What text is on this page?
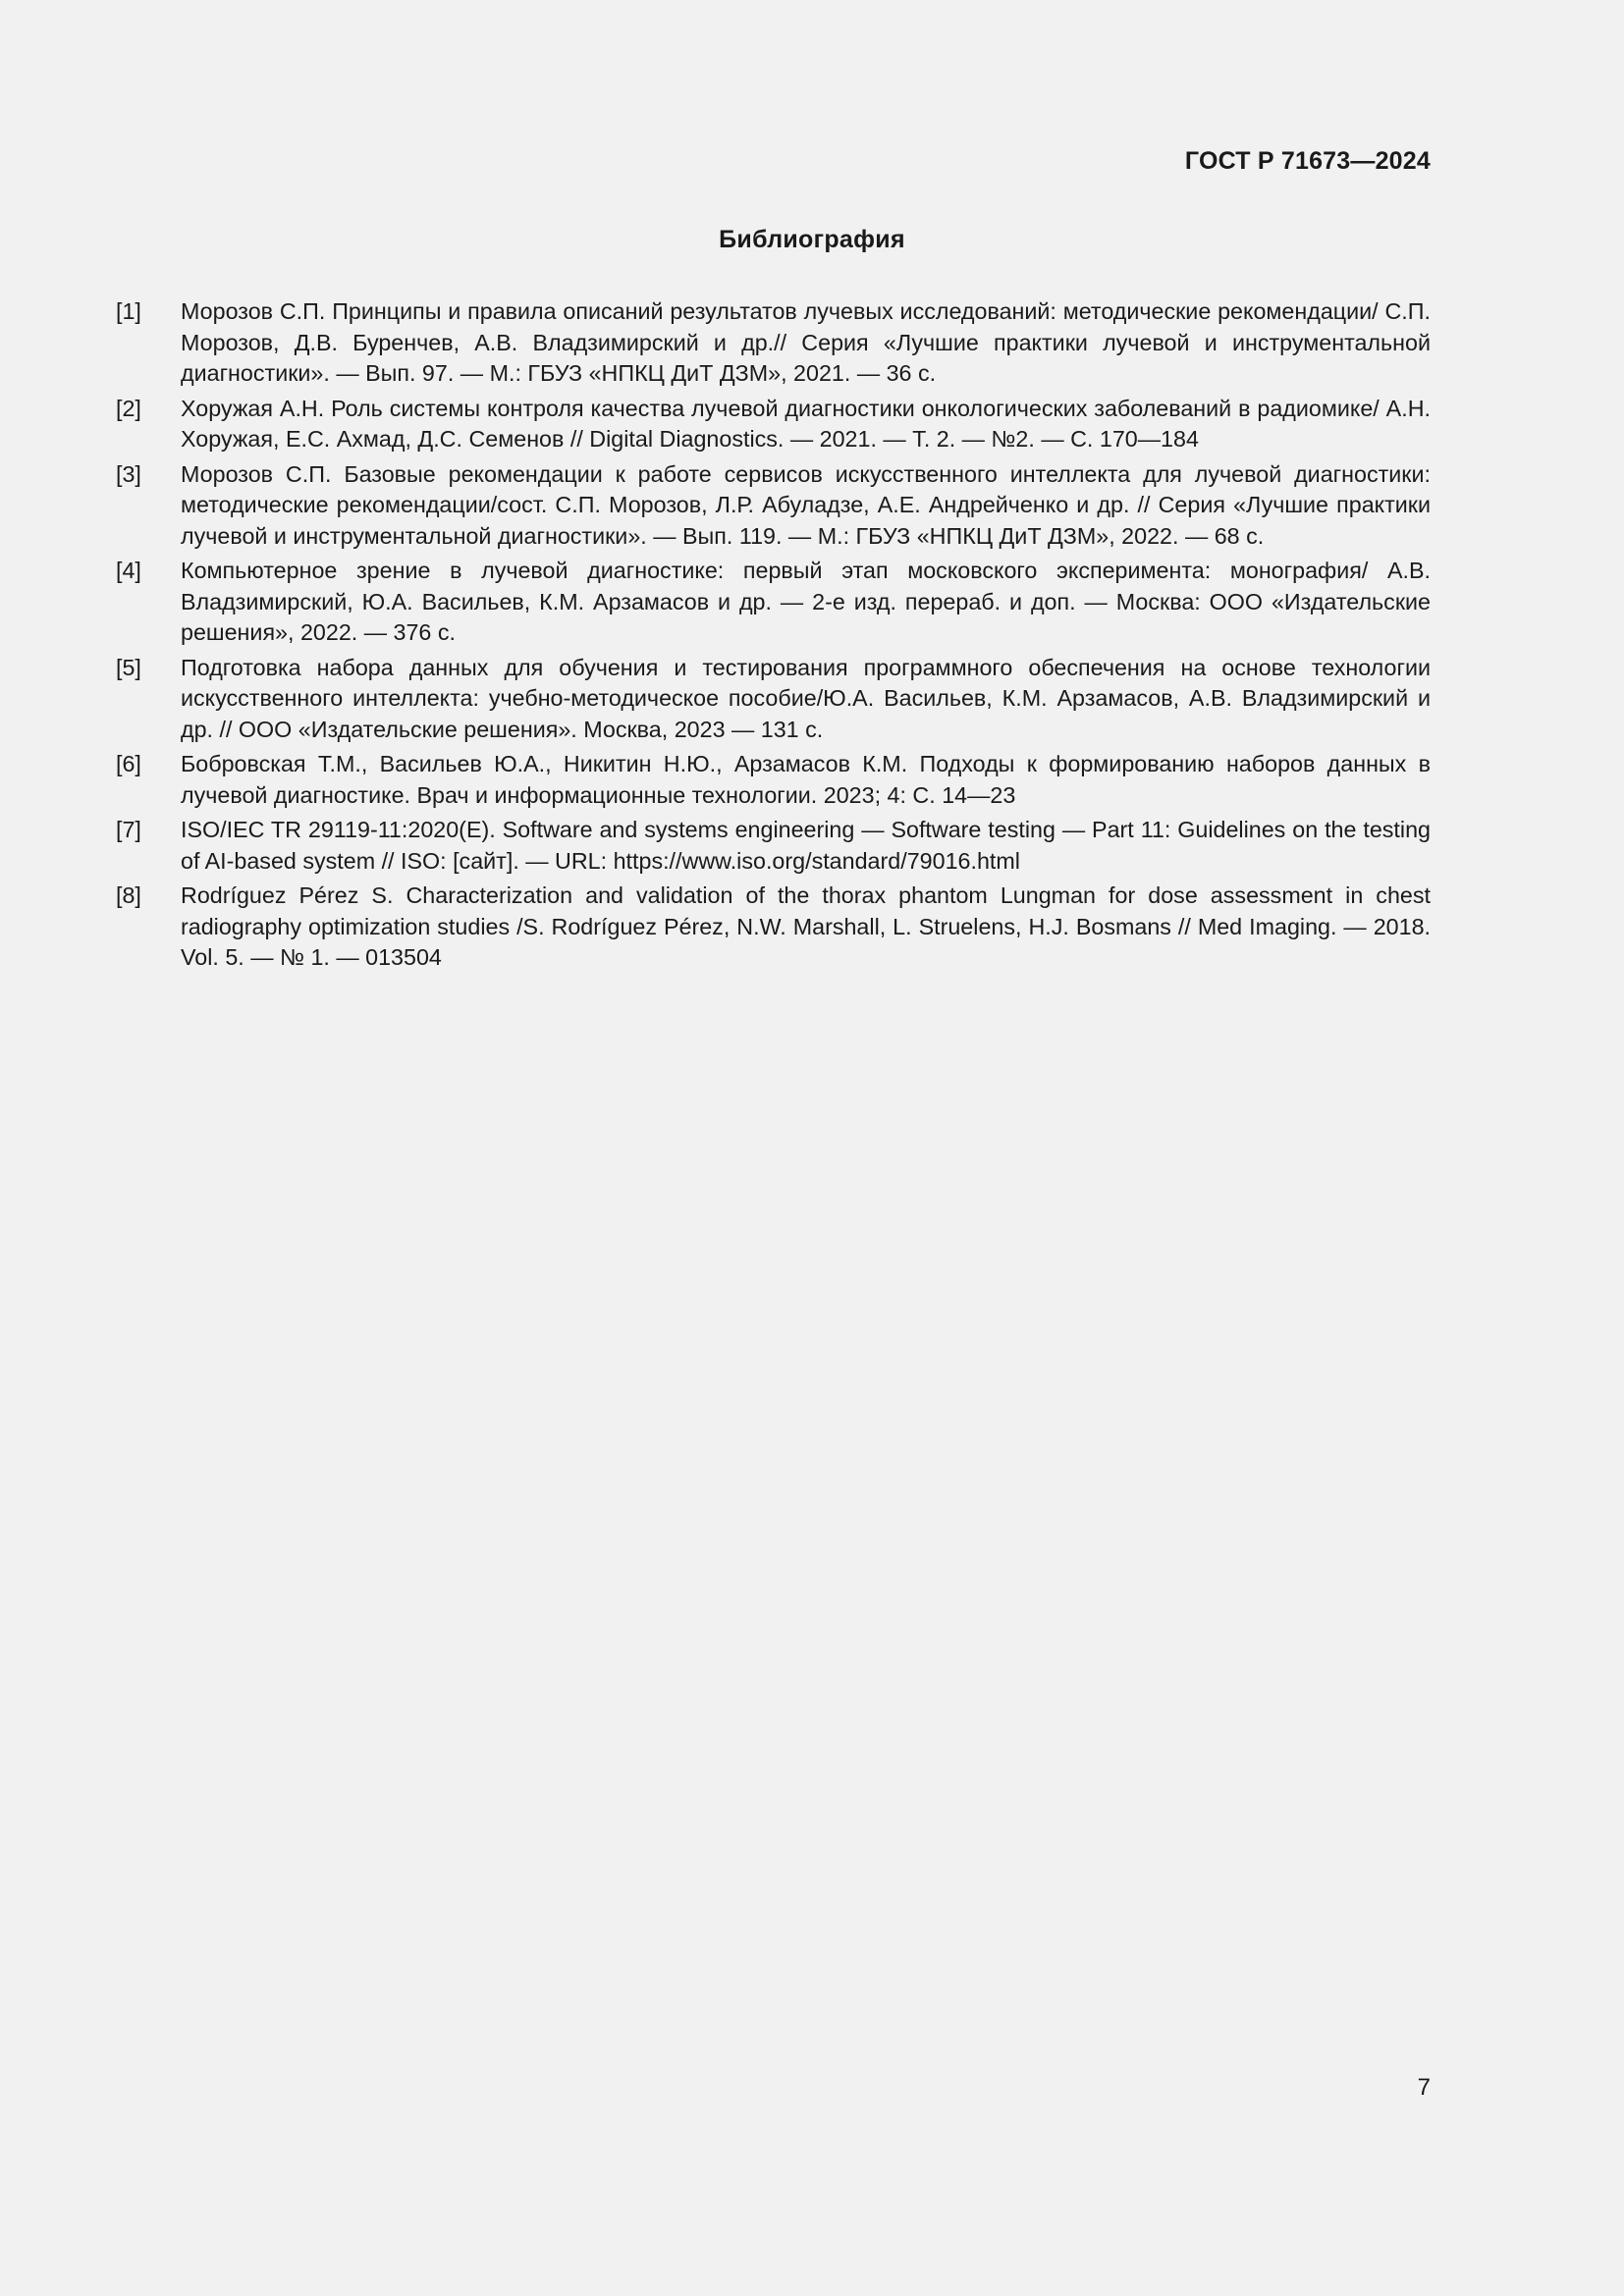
ГОСТ Р 71673—2024
Библиография
[1]	Морозов С.П. Принципы и правила описаний результатов лучевых исследований: методические рекомендации/ С.П. Морозов, Д.В. Буренчев, А.В. Владзимирский и др.// Серия «Лучшие практики лучевой и инструментальной диагностики». — Вып. 97. — М.: ГБУЗ «НПКЦ ДиТ ДЗМ», 2021. — 36 с.
[2]	Хоружая А.Н. Роль системы контроля качества лучевой диагностики онкологических заболеваний в радиомике/ А.Н. Хоружая, Е.С. Ахмад, Д.С. Семенов // Digital Diagnostics. — 2021. — Т. 2. — №2. — С. 170—184
[3]	Морозов С.П. Базовые рекомендации к работе сервисов искусственного интеллекта для лучевой диагностики: методические рекомендации/сост. С.П. Морозов, Л.Р. Абуладзе, А.Е. Андрейченко и др. // Серия «Лучшие практики лучевой и инструментальной диагностики». — Вып. 119. — М.: ГБУЗ «НПКЦ ДиТ ДЗМ», 2022. — 68 с.
[4]	Компьютерное зрение в лучевой диагностике: первый этап московского эксперимента: монография/ А.В. Владзимирский, Ю.А. Васильев, К.М. Арзамасов и др. — 2-е изд. перераб. и доп. — Москва: ООО «Издательские решения», 2022. — 376 с.
[5]	Подготовка набора данных для обучения и тестирования программного обеспечения на основе технологии искусственного интеллекта: учебно-методическое пособие/Ю.А. Васильев, К.М. Арзамасов, А.В. Владзимирский и др. // ООО «Издательские решения». Москва, 2023 — 131 с.
[6]	Бобровская Т.М., Васильев Ю.А., Никитин Н.Ю., Арзамасов К.М. Подходы к формированию наборов данных в лучевой диагностике. Врач и информационные технологии. 2023; 4: С. 14—23
[7]	ISO/IEC TR 29119-11:2020(E). Software and systems engineering — Software testing — Part 11: Guidelines on the testing of AI-based system // ISO: [сайт]. — URL: https://www.iso.org/standard/79016.html
[8]	Rodríguez Pérez S. Characterization and validation of the thorax phantom Lungman for dose assessment in chest radiography optimization studies /S. Rodríguez Pérez, N.W. Marshall, L. Struelens, H.J. Bosmans // Med Imaging. — 2018. Vol. 5. — № 1. — 013504
7
